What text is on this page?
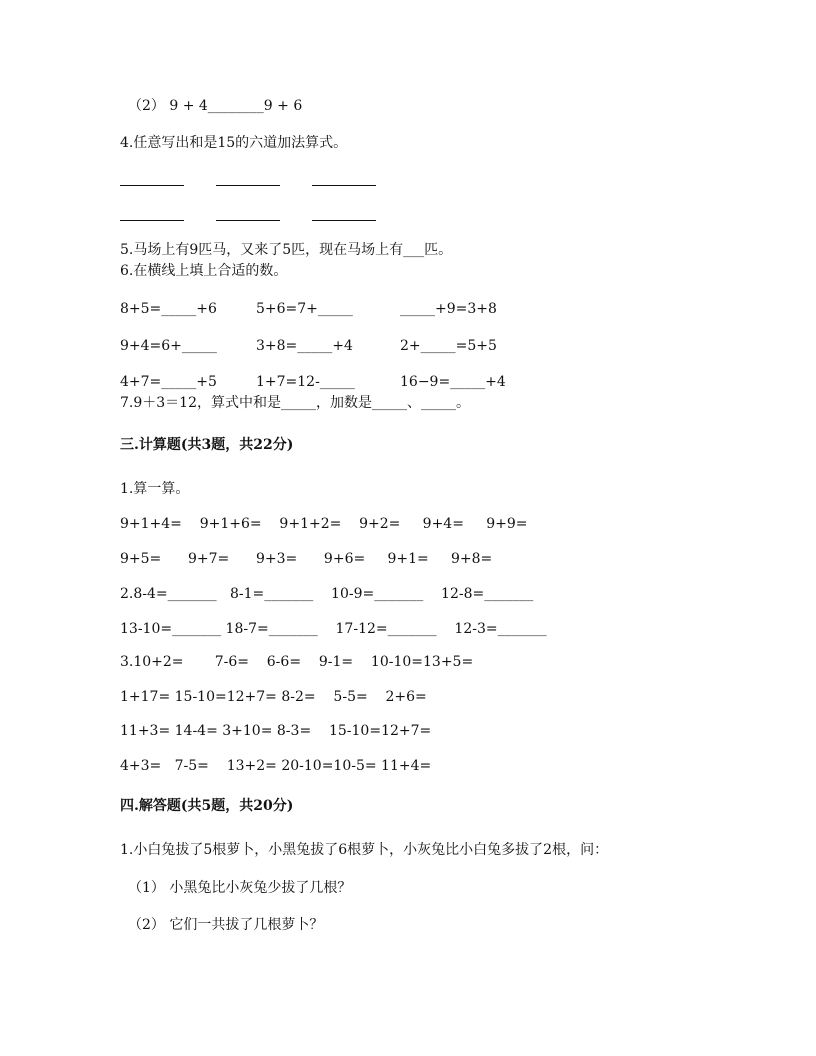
（2） 9 + 4________9 + 6
4.任意写出和是15的六道加法算式。
5.马场上有9匹马，又来了5匹，现在马场上有___匹。
6.在横线上填上合适的数。
8+5=_____+6	5+6=7+_____	_____+9=3+8
9+4=6+_____	3+8=_____+4	2+_____=5+5
4+7=_____+5	1+7=12-_____	16−9=_____+4
7.9＋3＝12，算式中和是_____，加数是_____、_____。
三.计算题(共3题，共22分)
1.算一算。
9+1+4=    9+1+6=    9+1+2=    9+2=     9+4=     9+9=
9+5=      9+7=      9+3=      9+6=     9+1=     9+8=
2.8-4=_______   8-1=_______    10-9=_______    12-8=_______
13-10=_______ 18-7=_______    17-12=_______    12-3=_______
3.10+2=       7-6=    6-6=    9-1=    10-10=13+5=
1+17= 15-10=12+7= 8-2=    5-5=    2+6=
11+3= 14-4= 3+10= 8-3=    15-10=12+7=
4+3=   7-5=    13+2= 20-10=10-5= 11+4=
四.解答题(共5题，共20分)
1.小白兔拔了5根萝卜，小黑兔拔了6根萝卜，小灰兔比小白兔多拔了2根，问：
（1） 小黑兔比小灰兔少拔了几根？
（2） 它们一共拔了几根萝卜？
